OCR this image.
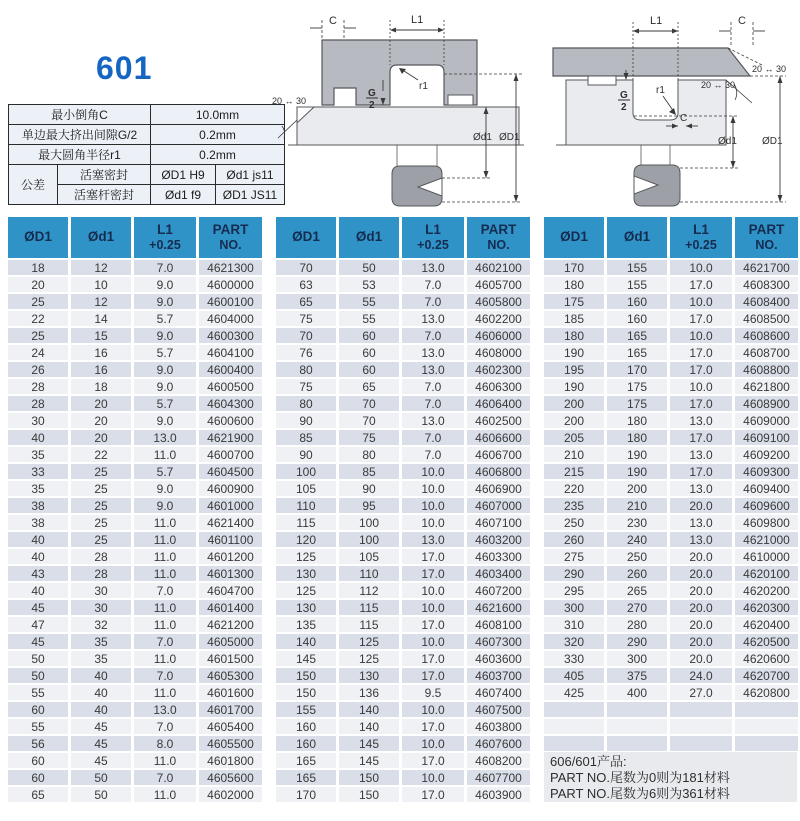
601
最小倒角C		10.0mm	
单边最大挤出间隙G/2		0.2mm	
最大圆角半径r1		0.2mm	
公差	活塞密封	ØD1 H9	Ød1 js11
	活塞杆密封	Ød1 f9	ØD1 JS11
C	L1
r1
G
2
20 ↔ 30
Ød1 ØD1
L1	C
G
2
r1
C
20 ↔ 30
20 ↔ 30
Ød1	ØD1
ØD1	Ød1	L1
+0.25
PART
NO.
18	12	7.0	4621300
20	10	9.0	4600000
25	12	9.0	4600100
22	14	5.7	4604000
25	15	9.0	4600300
24	16	5.7	4604100
26	16	9.0	4600400
28	18	9.0	4600500
28	20	5.7	4604300
30	20	9.0	4600600
40	20	13.0	4621900
35	22	11.0	4600700
33	25	5.7	4604500
35	25	9.0	4600900
38	25	9.0	4601000
38	25	11.0	4621400
40	25	11.0	4601100
40	28	11.0	4601200
43	28	11.0	4601300
40	30	7.0	4604700
45	30	11.0	4601400
47	32	11.0	4621200
45	35	7.0	4605000
50	35	11.0	4601500
50	40	7.0	4605300
55	40	11.0	4601600
60	40	13.0	4601700
55	45	7.0	4605400
56	45	8.0	4605500
60	45	11.0	4601800
60	50	7.0	4605600
65	50	11.0	4602000
ØD1	Ød1	L1
+0.25
PART
NO.
70	50	13.0	4602100
63	53	7.0	4605700
65	55	7.0	4605800
75	55	13.0	4602200
70	60	7.0	4606000
76	60	13.0	4608000
80	60	13.0	4602300
75	65	7.0	4606300
80	70	7.0	4606400
90	70	13.0	4602500
85	75	7.0	4606600
90	80	7.0	4606700
100	85	10.0	4606800
105	90	10.0	4606900
110	95	10.0	4607000
115	100	10.0	4607100
120	100	13.0	4603200
125	105	17.0	4603300
130	110	17.0	4603400
125	112	10.0	4607200
130	115	10.0	4621600
135	115	17.0	4608100
140	125	10.0	4607300
145	125	17.0	4603600
150	130	17.0	4603700
150	136	9.5	4607400
155	140	10.0	4607500
160	140	17.0	4603800
160	145	10.0	4607600
165	145	17.0	4608200
165	150	10.0	4607700
170	150	17.0	4603900
ØD1	Ød1	L1
+0.25
PART
NO.
170	155	10.0	4621700
180	155	17.0	4608300
175	160	10.0	4608400
185	160	17.0	4608500
180	165	10.0	4608600
190	165	17.0	4608700
195	170	17.0	4608800
190	175	10.0	4621800
200	175	17.0	4608900
200	180	13.0	4609000
205	180	17.0	4609100
210	190	13.0	4609200
215	190	17.0	4609300
220	200	13.0	4609400
235	210	20.0	4609600
250	230	13.0	4609800
260	240	13.0	4621000
275	250	20.0	4610000
290	260	20.0	4620100
295	265	20.0	4620200
300	270	20.0	4620300
310	280	20.0	4620400
320	290	20.0	4620500
330	300	20.0	4620600
405	375	24.0	4620700
425	400	27.0	4620800
606/601产品:
PART NO.尾数为0则为181材料
PART NO.尾数为6则为361材料
